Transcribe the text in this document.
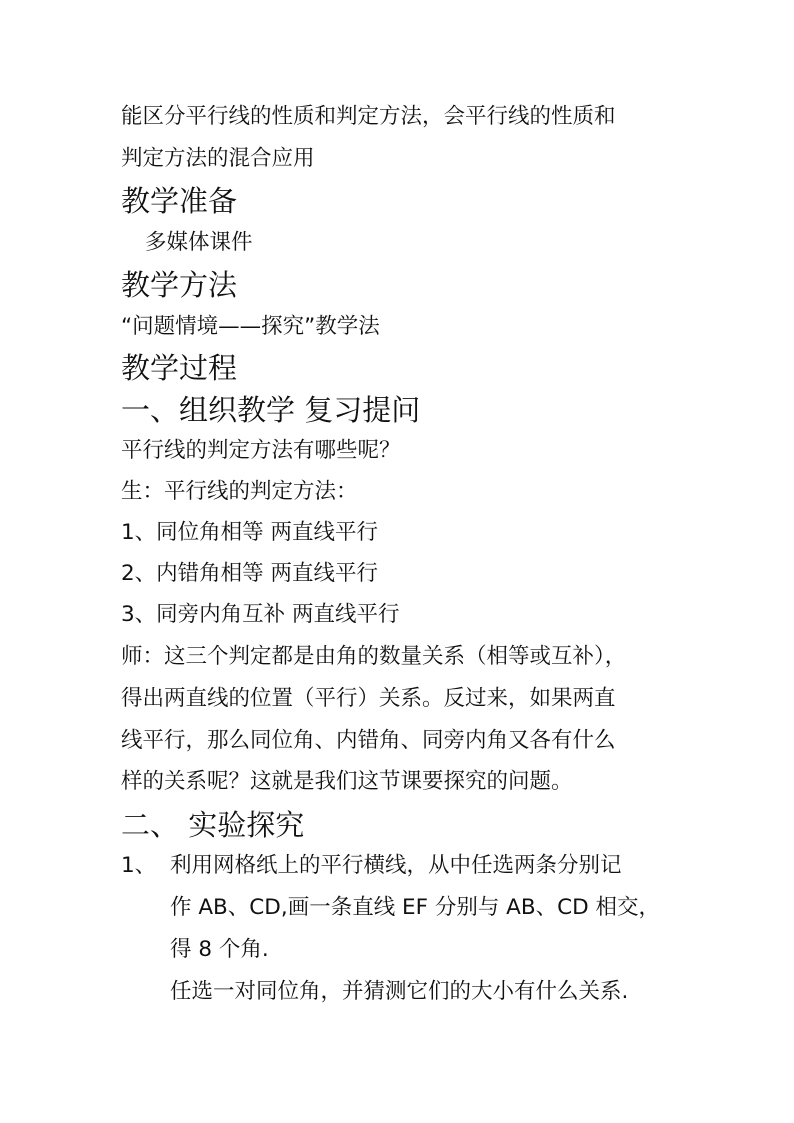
能区分平行线的性质和判定方法，会平行线的性质和
判定方法的混合应用
教学准备
多媒体课件
教学方法
“问题情境——探究”教学法
教学过程
一、组织教学 复习提问
平行线的判定方法有哪些呢？
生：平行线的判定方法：
1、同位角相等 两直线平行
2、内错角相等 两直线平行
3、同旁内角互补 两直线平行
师：这三个判定都是由角的数量关系（相等或互补），
得出两直线的位置（平行）关系。反过来，如果两直
线平行，那么同位角、内错角、同旁内角又各有什么
样的关系呢？这就是我们这节课要探究的问题。
二、 实验探究
1、 利用网格纸上的平行横线，从中任选两条分别记
作 AB、CD,画一条直线 EF 分别与 AB、CD 相交，
得 8 个角.
任选一对同位角，并猜测它们的大小有什么关系.
